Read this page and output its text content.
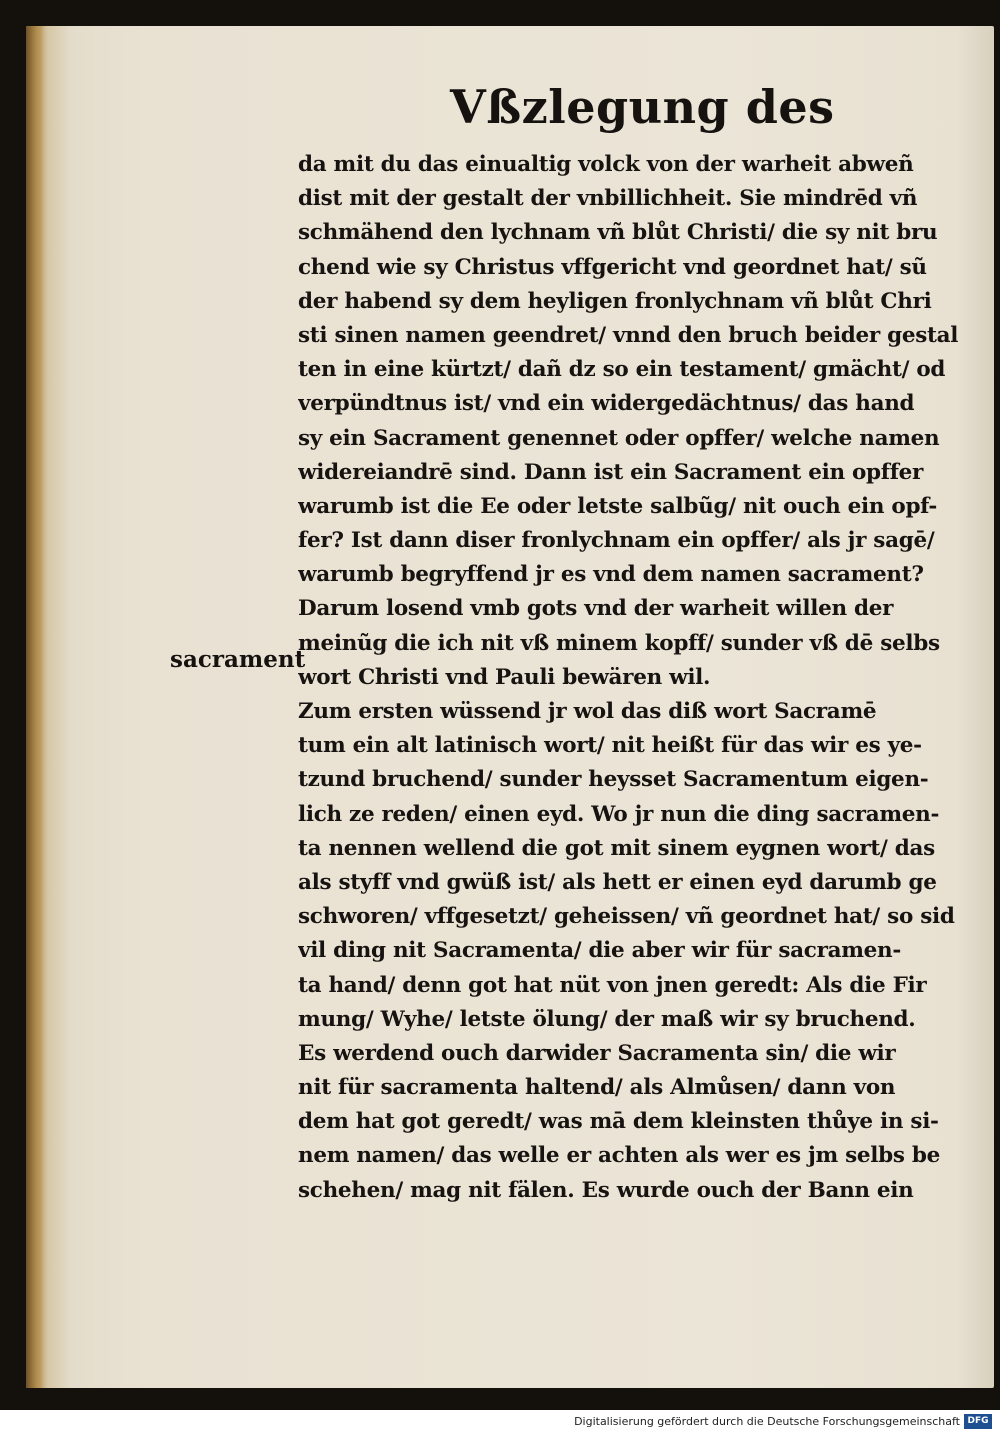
Vßzlegung des
sacrament
da mit du das einualtig volck von der warheit abweñ
dist mit der gestalt der vnbillichheit. Sie mindrēd vñ
schmähend den lychnam vñ blůt Christi/ die sy nit bru
chend wie sy Christus vffgericht vnd geordnet hat/ sũ
der habend sy dem heyligen fronlychnam vñ blůt Chri
sti sinen namen geendret/ vnnd den bruch beider gestal
ten in eine kürtzt/ dañ dz so ein testament/ gmächt/ od
verpündtnus ist/ vnd ein widergedächtnus/ das hand
sy ein Sacrament genennet oder opffer/ welche namen
widereiandrē sind. Dann ist ein Sacrament ein opffer
warumb ist die Ee oder letste salbũg/ nit ouch ein opf-
fer? Ist dann diser fronlychnam ein opffer/ als jr sagē/
warumb begryffend jr es vnd dem namen sacrament?
Darum losend vmb gots vnd der warheit willen der
meinũg die ich nit vß minem kopff/ sunder vß dē selbs
wort Christi vnd Pauli bewären wil.
Zum ersten wüssend jr wol das diß wort Sacramē
tum ein alt latinisch wort/ nit heißt für das wir es ye-
tzund bruchend/ sunder heysset Sacramentum eigen-
lich ze reden/ einen eyd. Wo jr nun die ding sacramen-
ta nennen wellend die got mit sinem eygnen wort/ das
als styff vnd gwüß ist/ als hett er einen eyd darumb ge
schworen/ vffgesetzt/ geheissen/ vñ geordnet hat/ so sid
vil ding nit Sacramenta/ die aber wir für sacramen-
ta hand/ denn got hat nüt von jnen geredt: Als die Fir
mung/ Wyhe/ letste ölung/ der maß wir sy bruchend.
Es werdend ouch darwider Sacramenta sin/ die wir
nit für sacramenta haltend/ als Almůsen/ dann von
dem hat got geredt/ was mā dem kleinsten thůye in si-
nem namen/ das welle er achten als wer es jm selbs be
schehen/ mag nit fälen. Es wurde ouch der Bann ein
Digitalisierung gefördert durch die Deutsche Forschungsgemeinschaft DFG
